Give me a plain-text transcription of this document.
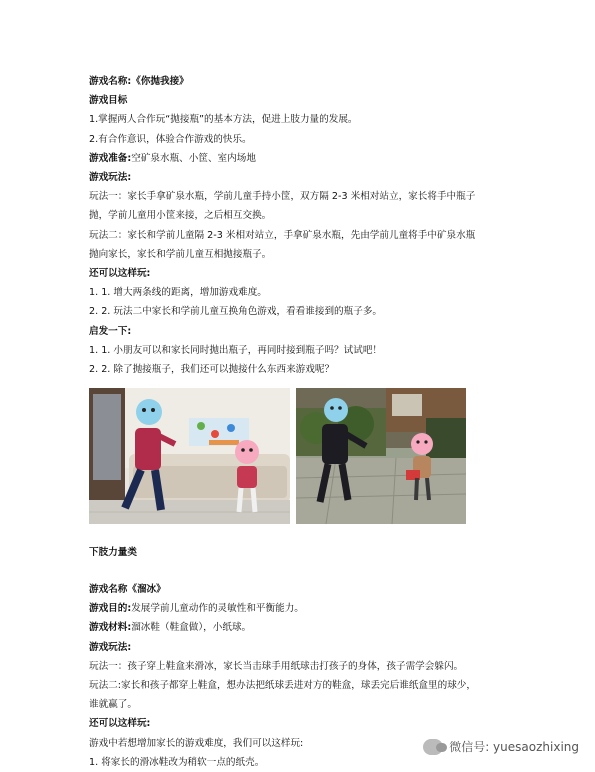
游戏名称:《你抛我接》
游戏目标
1.掌握两人合作玩“抛接瓶”的基本方法，促进上肢力量的发展。
2.有合作意识，体验合作游戏的快乐。
游戏准备:空矿泉水瓶、小筐、室内场地
游戏玩法:
玩法一：家长手拿矿泉水瓶，学前儿童手持小筐，双方隔 2-3 米相对站立，家长将手中瓶子
抛，学前儿童用小筐来接，之后相互交换。
玩法二：家长和学前儿童隔 2-3 米相对站立，手拿矿泉水瓶，先由学前儿童将手中矿泉水瓶
抛向家长，家长和学前儿童互相抛接瓶子。
还可以这样玩:
1. 1. 增大两条线的距离，增加游戏难度。
2. 2. 玩法二中家长和学前儿童互换角色游戏，看看谁接到的瓶子多。
启发一下:
1. 1. 小朋友可以和家长同时抛出瓶子，再同时接到瓶子吗？试试吧！
2. 2. 除了抛接瓶子，我们还可以抛接什么东西来游戏呢？
下肢力量类
游戏名称《溜冰》
游戏目的:发展学前儿童动作的灵敏性和平衡能力。
游戏材料:溜冰鞋（鞋盒做），小纸球。
游戏玩法:
玩法一：孩子穿上鞋盒来滑冰，家长当击球手用纸球击打孩子的身体，孩子需学会躲闪。
玩法二:家长和孩子都穿上鞋盒，想办法把纸球丢进对方的鞋盒，球丢完后谁纸盒里的球少，
谁就赢了。
还可以这样玩:
游戏中若想增加家长的游戏难度，我们可以这样玩:
1. 将家长的滑冰鞋改为稍软一点的纸壳。
微信号: yuesaozhixing
